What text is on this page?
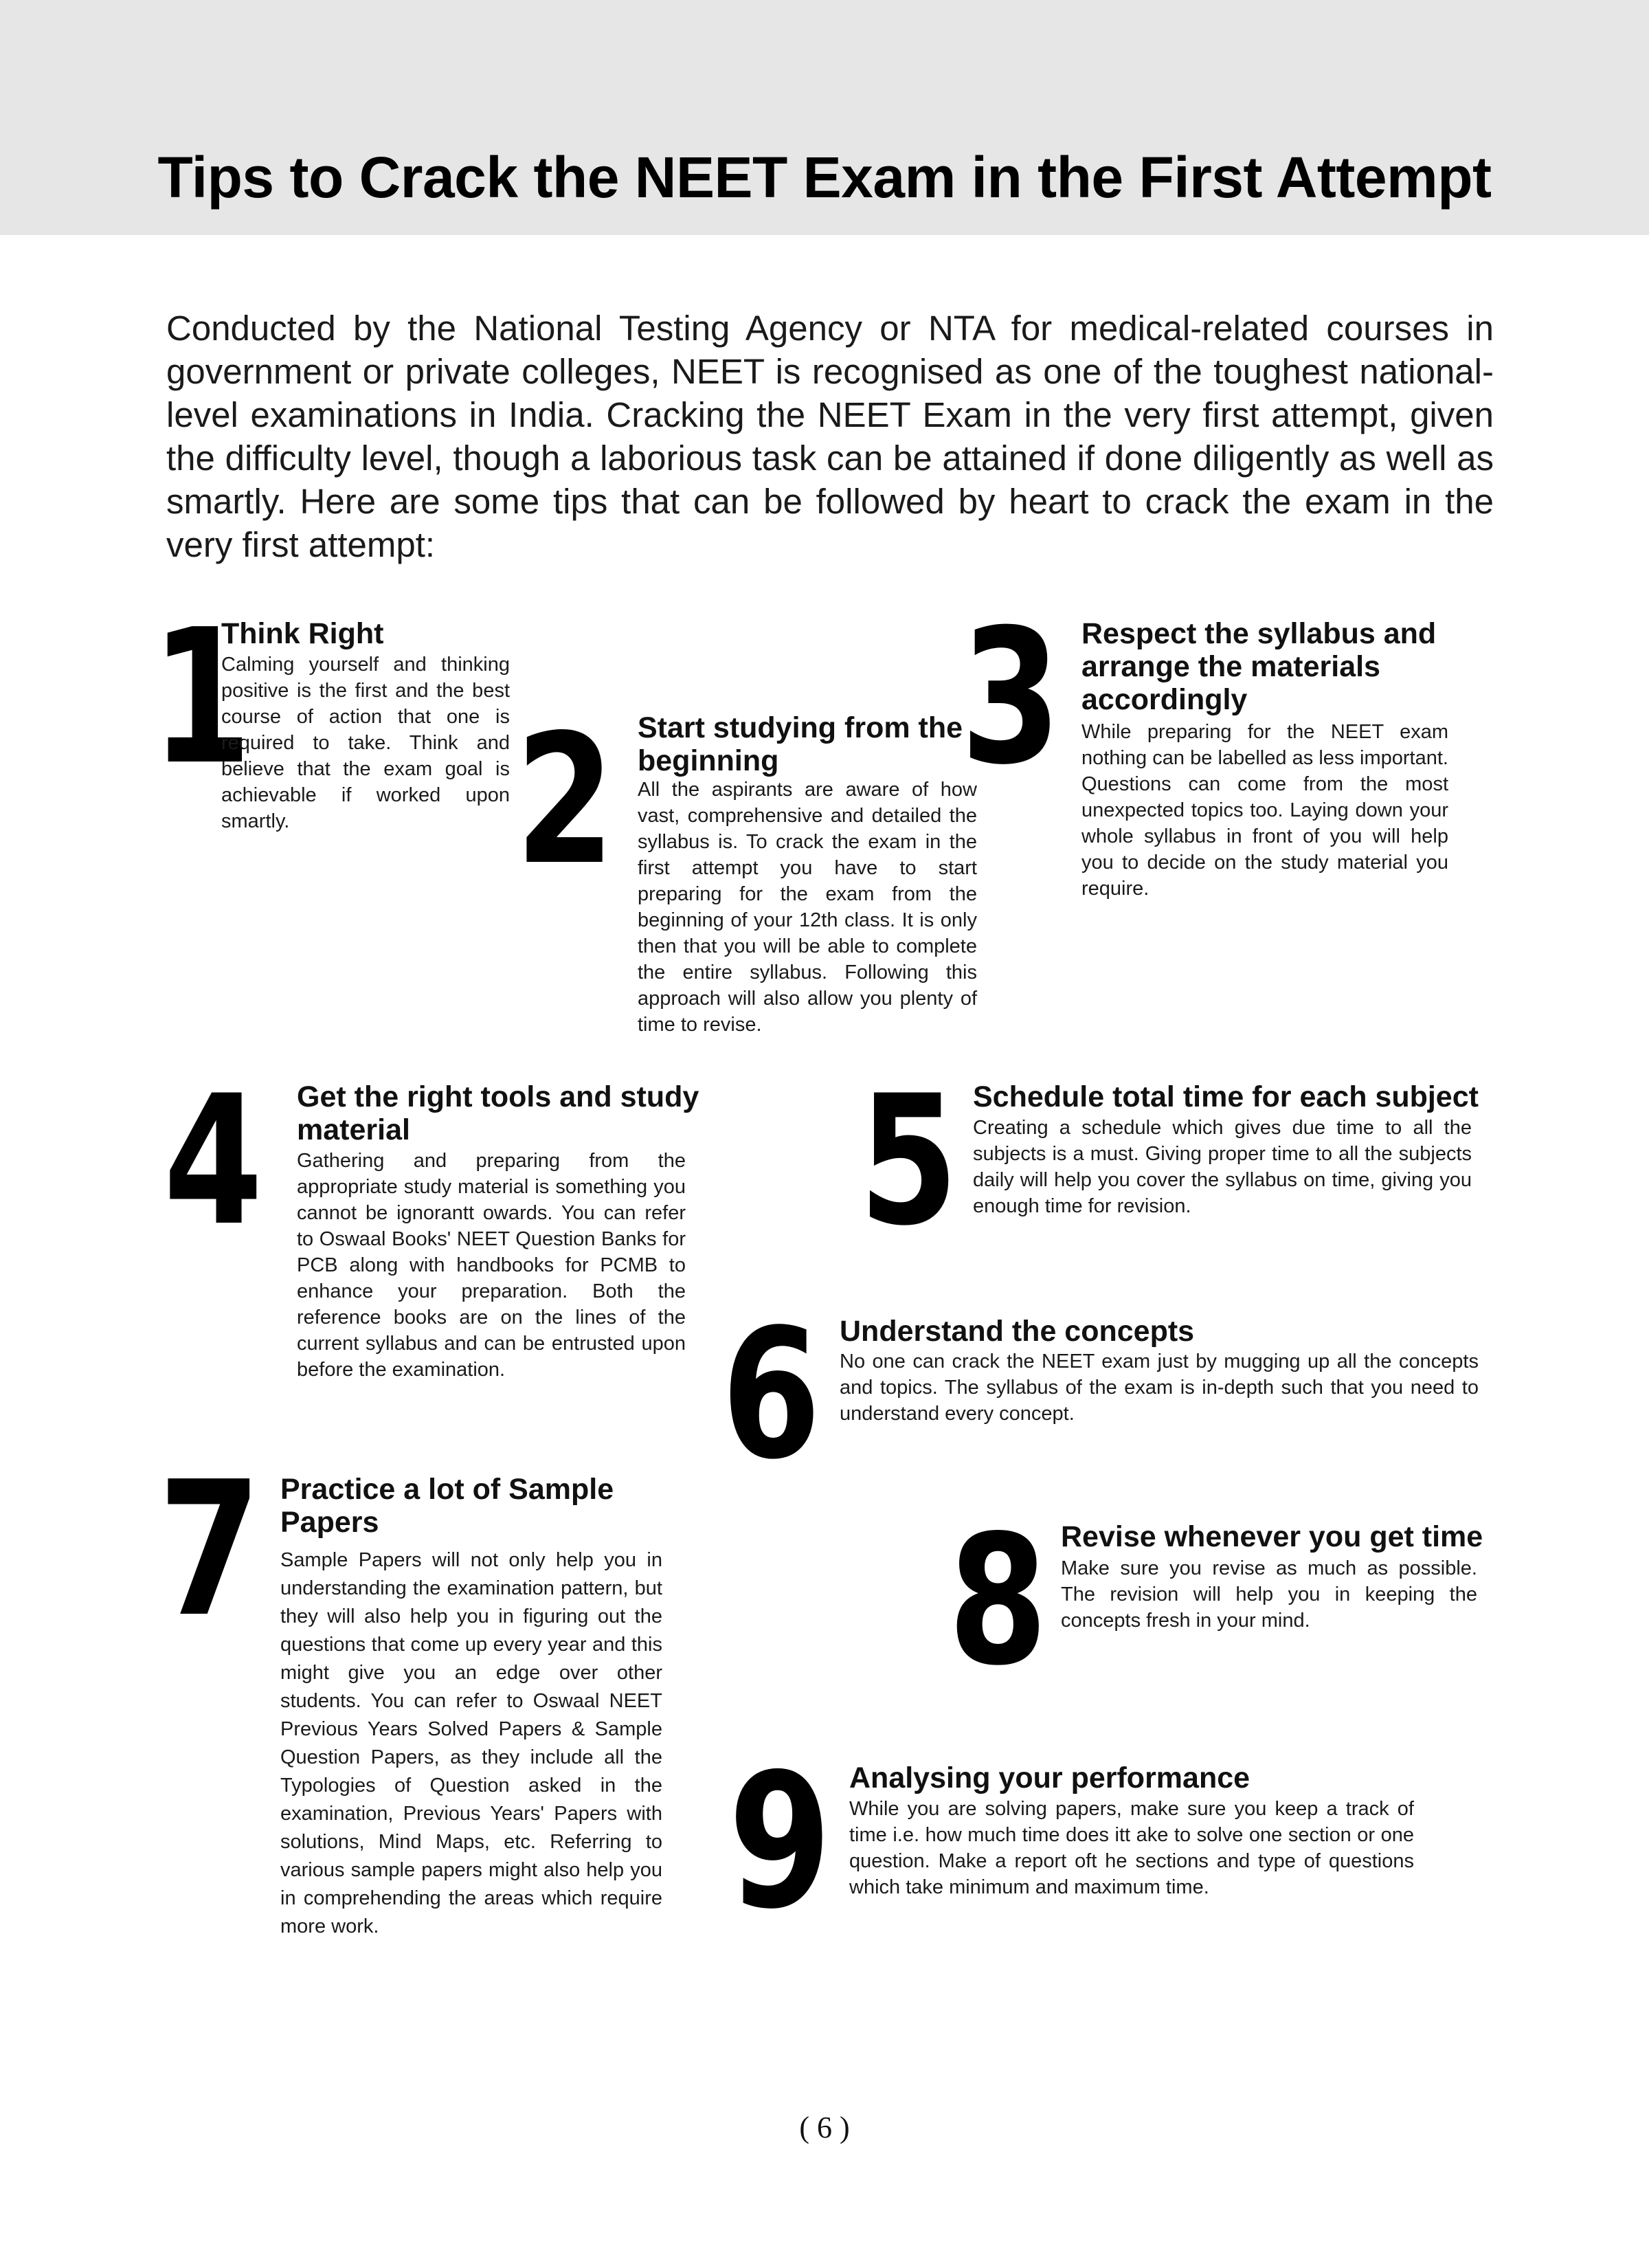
Tips to Crack the NEET Exam in the First Attempt
Conducted by the National Testing Agency or NTA for medical-related courses in government or private colleges, NEET is recognised as one of the toughest national-level examinations in India. Cracking the NEET Exam in the very first attempt, given the difficulty level, though a laborious task can be attained if done diligently as well as smartly. Here are some tips that can be followed by heart to crack the exam in the very first attempt:
1
Think Right
Calming yourself and thinking positive is the first and the best course of action that one is required to take. Think and believe that the exam goal is achievable if worked upon smartly.	2 Start studying from the beginning
All the aspirants are aware of how vast, comprehensive and detailed the syllabus is. To crack the exam in the first attempt you have to start preparing for the exam from the beginning of your 12th class. It is only then that you will be able to complete the entire syllabus. Following this approach will also allow you plenty of time to revise.
3 Respect the syllabus and arrange the materials accordingly
While preparing for the NEET exam nothing can be labelled as less important. Questions can come from the most unexpected topics too. Laying down your whole syllabus in front of you will help you to decide on the study material you require.
4 Get the right tools and study material
Gathering and preparing from the appropriate study material is something you cannot be ignorantt owards. You can refer to Oswaal Books' NEET Question Banks for PCB along with handbooks for PCMB to enhance your preparation. Both the reference books are on the lines of the current syllabus and can be entrusted upon before the examination.
5 Schedule total time for each subject
Creating a schedule which gives due time to all the subjects is a must. Giving proper time to all the subjects daily will help you cover the syllabus on time, giving you enough time for revision.
6 Understand the concepts
No one can crack the NEET exam just by mugging up all the concepts and topics. The syllabus of the exam is in-depth such that you need to understand every concept.
7 Practice a lot of Sample Papers
Sample Papers will not only help you in understanding the examination pattern, but they will also help you in figuring out the questions that come up every year and this might give you an edge over other students. You can refer to Oswaal NEET Previous Years Solved Papers & Sample Question Papers, as they include all the Typologies of Question asked in the examination, Previous Years' Papers with solutions, Mind Maps, etc. Referring to various sample papers might also help you in comprehending the areas which require more work.
8 Revise whenever you get time
Make sure you revise as much as possible. The revision will help you in keeping the concepts fresh in your mind.
9 Analysing your performance
While you are solving papers, make sure you keep a track of time i.e. how much time does itt ake to solve one section or one question. Make a report oft he sections and type of questions which take minimum and maximum time.
( 6 )
